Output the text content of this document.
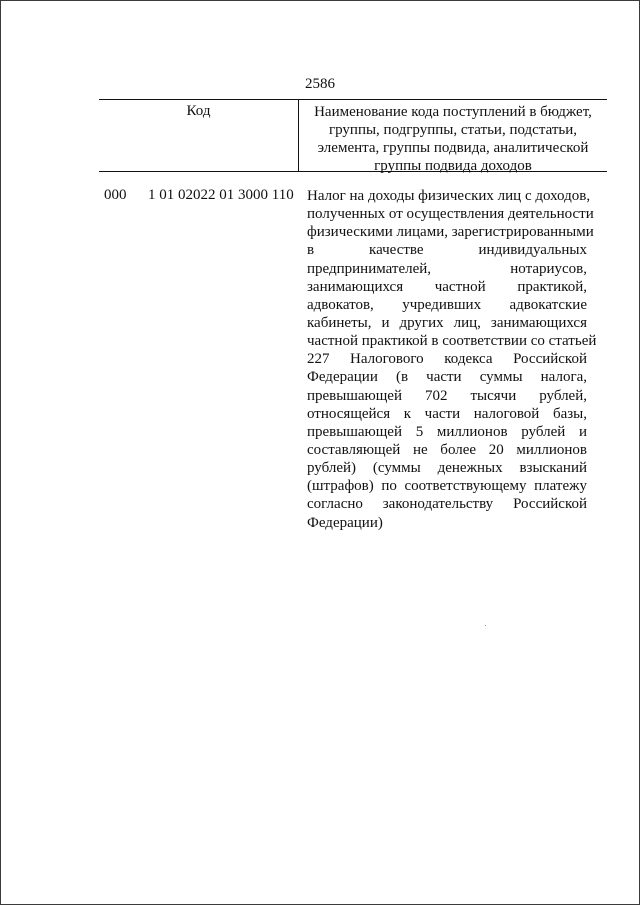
2586
Код	Наименование кода поступлений в бюджет,
группы, подгруппы, статьи, подстатьи,
элемента, группы подвида, аналитической
группы подвида доходов
000 1 01 02022 01 3000 110 Налог на доходы физических лиц с доходов,
полученных от осуществления деятельности
физическими лицами, зарегистрированными
в качестве индивидуальных
предпринимателей, нотариусов,
занимающихся частной практикой,
адвокатов, учредивших адвокатские
кабинеты, и других лиц, занимающихся
частной практикой в соответствии со статьей
227 Налогового кодекса Российской
Федерации (в части суммы налога,
превышающей 702 тысячи рублей,
относящейся к части налоговой базы,
превышающей 5 миллионов рублей и
составляющей не более 20 миллионов
рублей) (суммы денежных взысканий
(штрафов) по соответствующему платежу
согласно законодательству Российской
Федерации)
